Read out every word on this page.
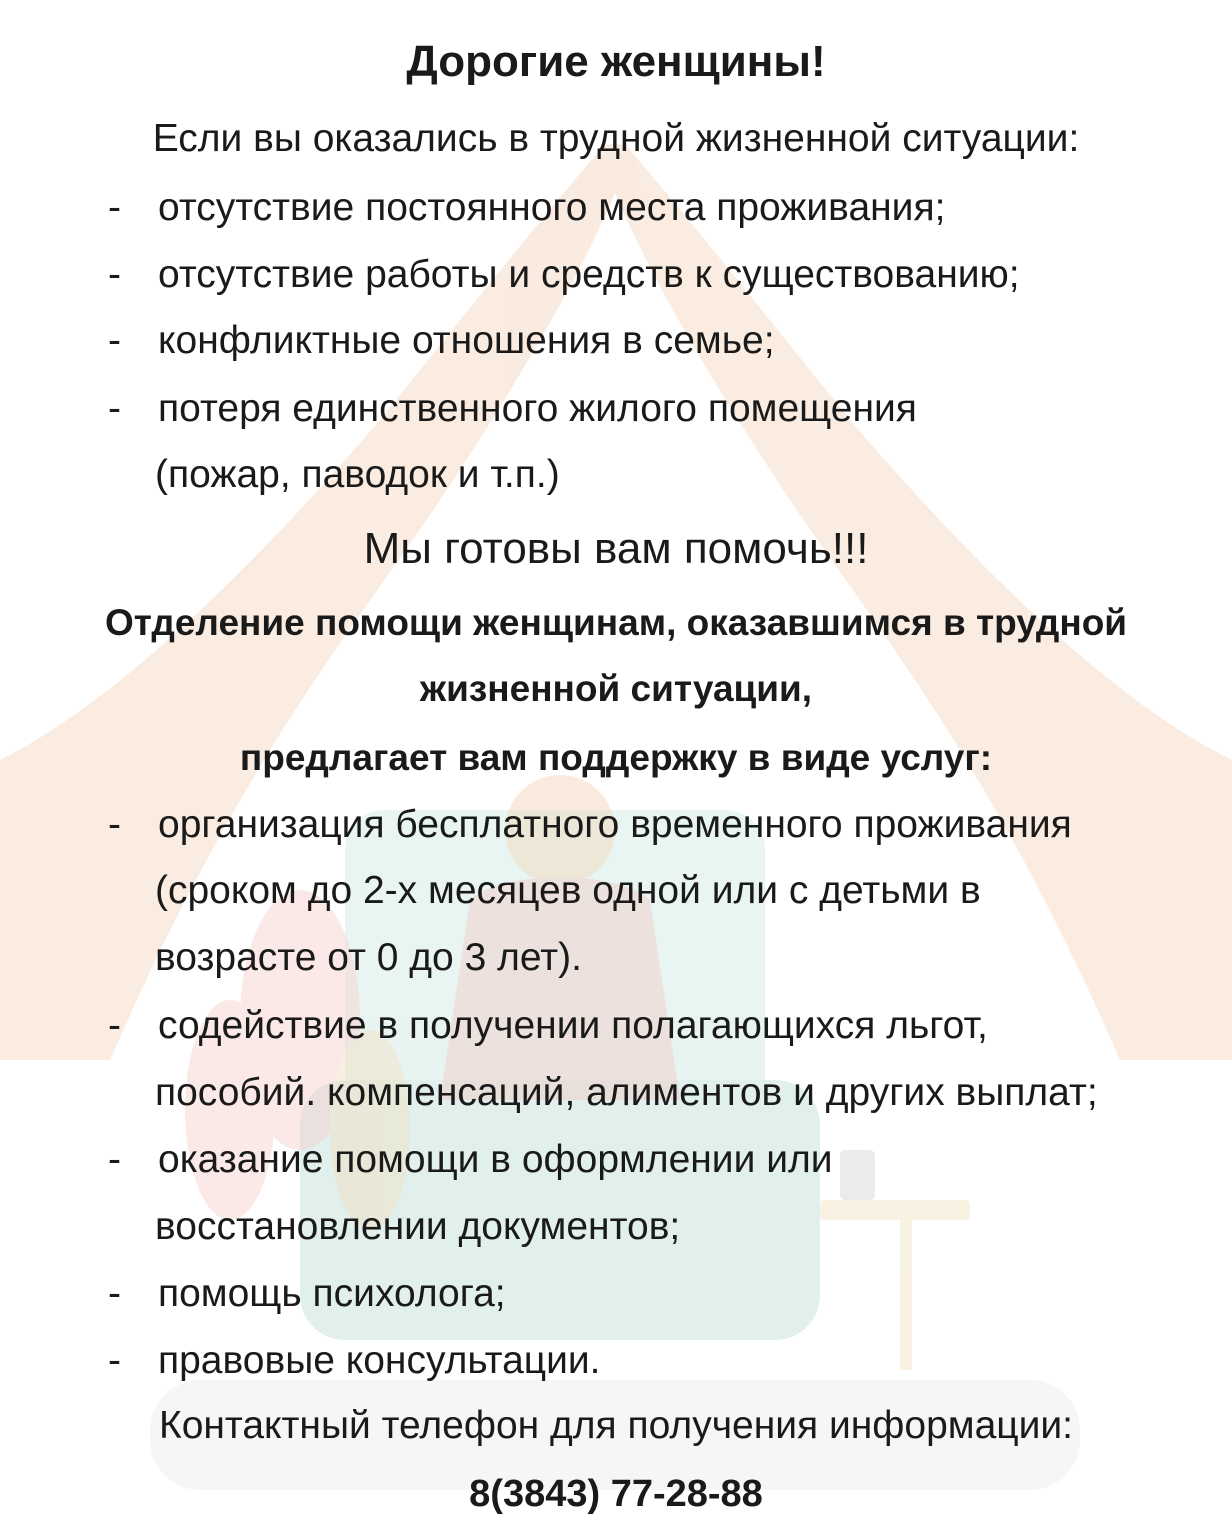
Дорогие женщины!
Если вы оказались в трудной жизненной ситуации:
- отсутствие постоянного места проживания;
- отсутствие работы и средств к существованию;
- конфликтные отношения в семье;
- потеря единственного жилого помещения
(пожар, паводок и т.п.)
Мы готовы вам помочь!!!
Отделение помощи женщинам, оказавшимся в трудной
жизненной ситуации,
предлагает вам поддержку в виде услуг:
- организация бесплатного временного проживания
(сроком до 2-х месяцев одной или с детьми в
возрасте от 0 до 3 лет).
- содействие в получении полагающихся льгот,
пособий. компенсаций, алиментов и других выплат;
- оказание помощи в оформлении или
восстановлении документов;
- помощь психолога;
- правовые консультации.
Контактный телефон для получения информации:
8(3843) 77-28-88
